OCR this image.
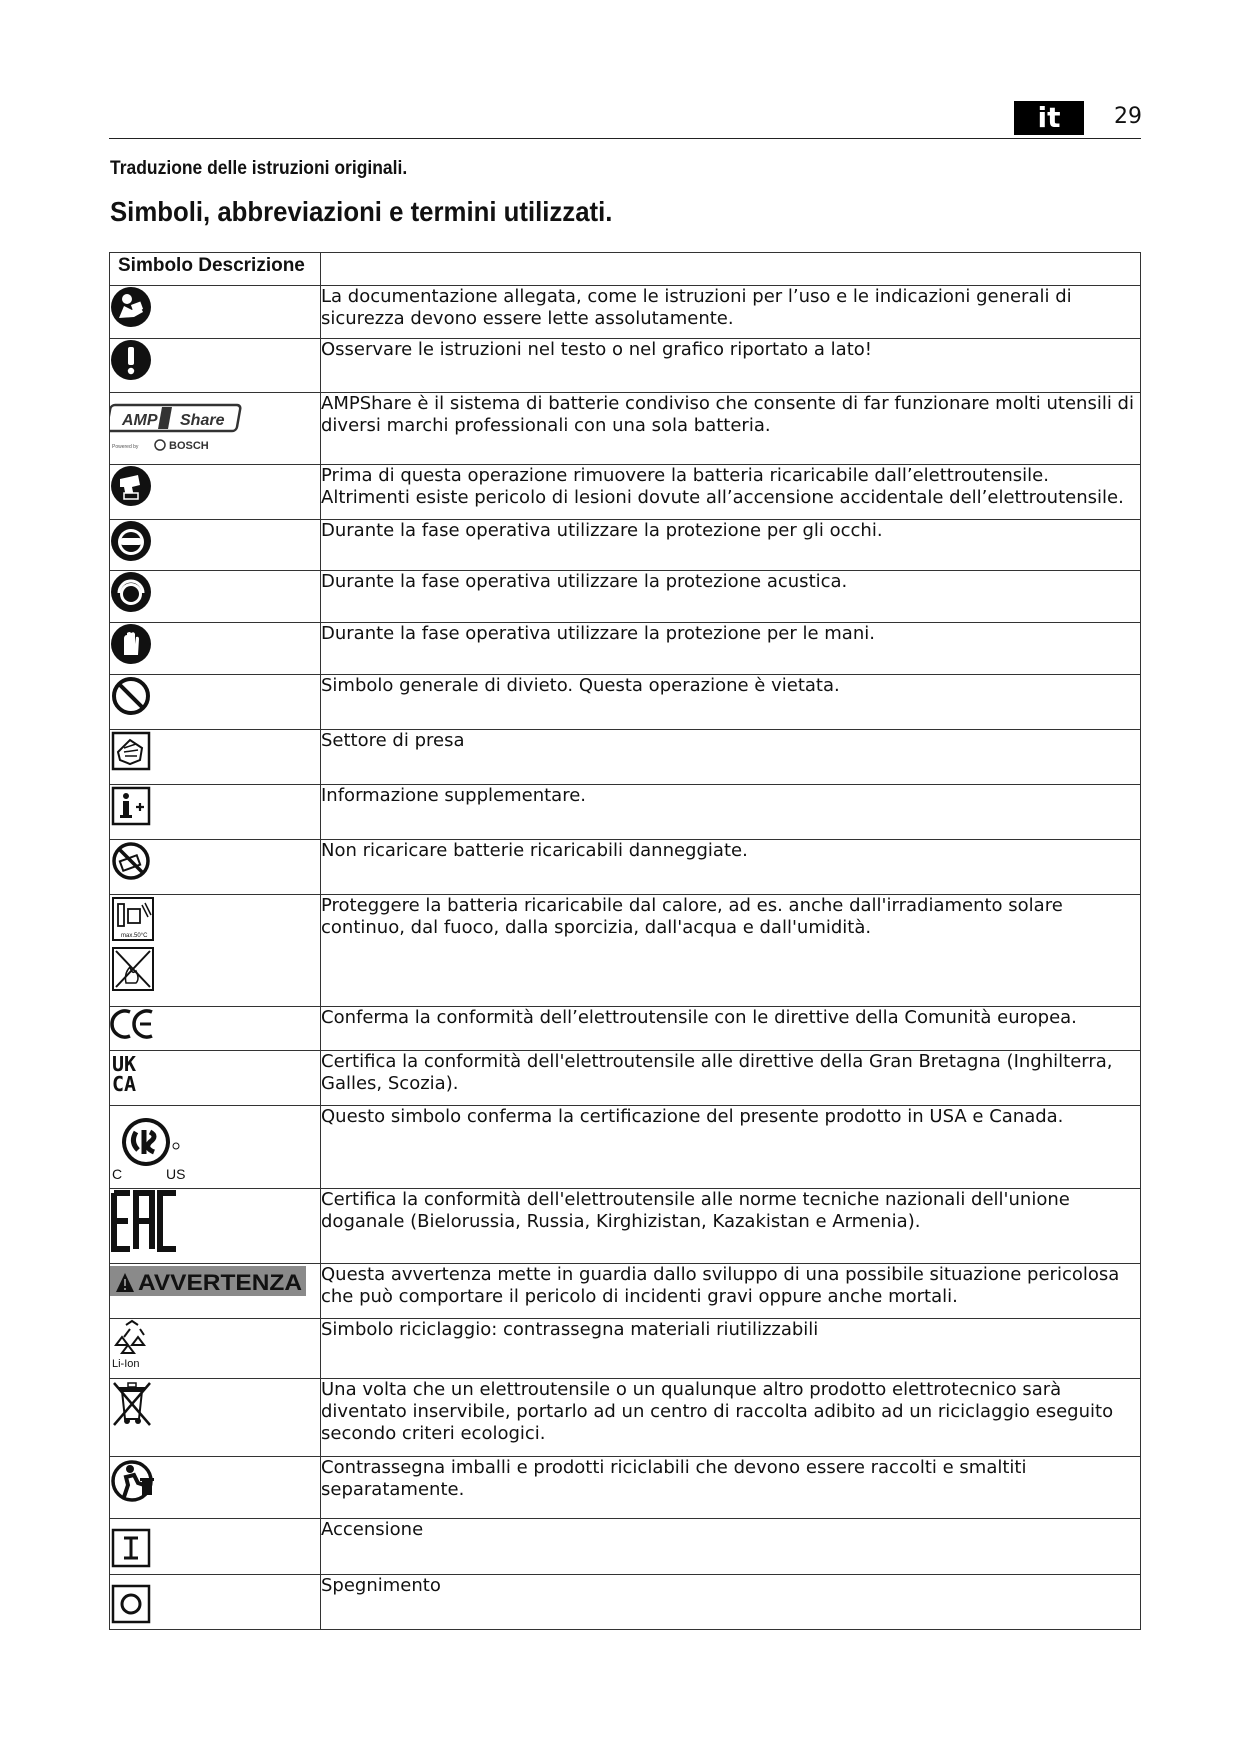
it	29
Traduzione delle istruzioni originali.
Simboli, abbreviazioni e termini utilizzati.
Simbolo Descrizione	

	La documentazione allegata, come le istruzioni per l’uso e le indicazioni generali di sicurezza devono essere lette assolutamente.

	Osservare le istruzioni nel testo o nel grafico riportato a lato!

AMP Share
Powered by BOSCH	AMPShare è il sistema di batterie condiviso che consente di far funzionare molti utensili di diversi marchi professionali con una sola batteria.

	Prima di questa operazione rimuovere la batteria ricaricabile dall’elettroutensile. Altrimenti esiste pericolo di lesioni dovute all’accensione accidentale dell’elettroutensile.

	Durante la fase operativa utilizzare la protezione per gli occhi.

	Durante la fase operativa utilizzare la protezione acustica.

	Durante la fase operativa utilizzare la protezione per le mani.

	Simbolo generale di divieto. Questa operazione è vietata.

	Settore di presa

	Informazione supplementare.

	Non ricaricare batterie ricaricabili danneggiate.

max.50°C	Proteggere la batteria ricaricabile dal calore, ad es. anche dall'irradiamento solare continuo, dal fuoco, dalla sporcizia, dall'acqua e dall'umidità.

	Conferma la conformità dell’elettroutensile con le direttive della Comunità europea.

UK
CA	Certifica la conformità dell'elettroutensile alle direttive della Gran Bretagna (Inghilterra, Galles, Scozia).

C US	Questo simbolo conferma la certificazione del presente prodotto in USA e Canada.

	Certifica la conformità dell'elettroutensile alle norme tecniche nazionali dell'unione doganale (Bielorussia, Russia, Kirghizistan, Kazakistan e Armenia).

AVVERTENZA	Questa avvertenza mette in guardia dallo sviluppo di una possibile situazione pericolosa che può comportare il pericolo di incidenti gravi oppure anche mortali.

Li-Ion	Simbolo riciclaggio: contrassegna materiali riutilizzabili

	Una volta che un elettroutensile o un qualunque altro prodotto elettrotecnico sarà diventato inservibile, portarlo ad un centro di raccolta adibito ad un riciclaggio eseguito secondo criteri ecologici.

	Contrassegna imballi e prodotti riciclabili che devono essere raccolti e smaltiti separatamente.

	Accensione

	Spegnimento
